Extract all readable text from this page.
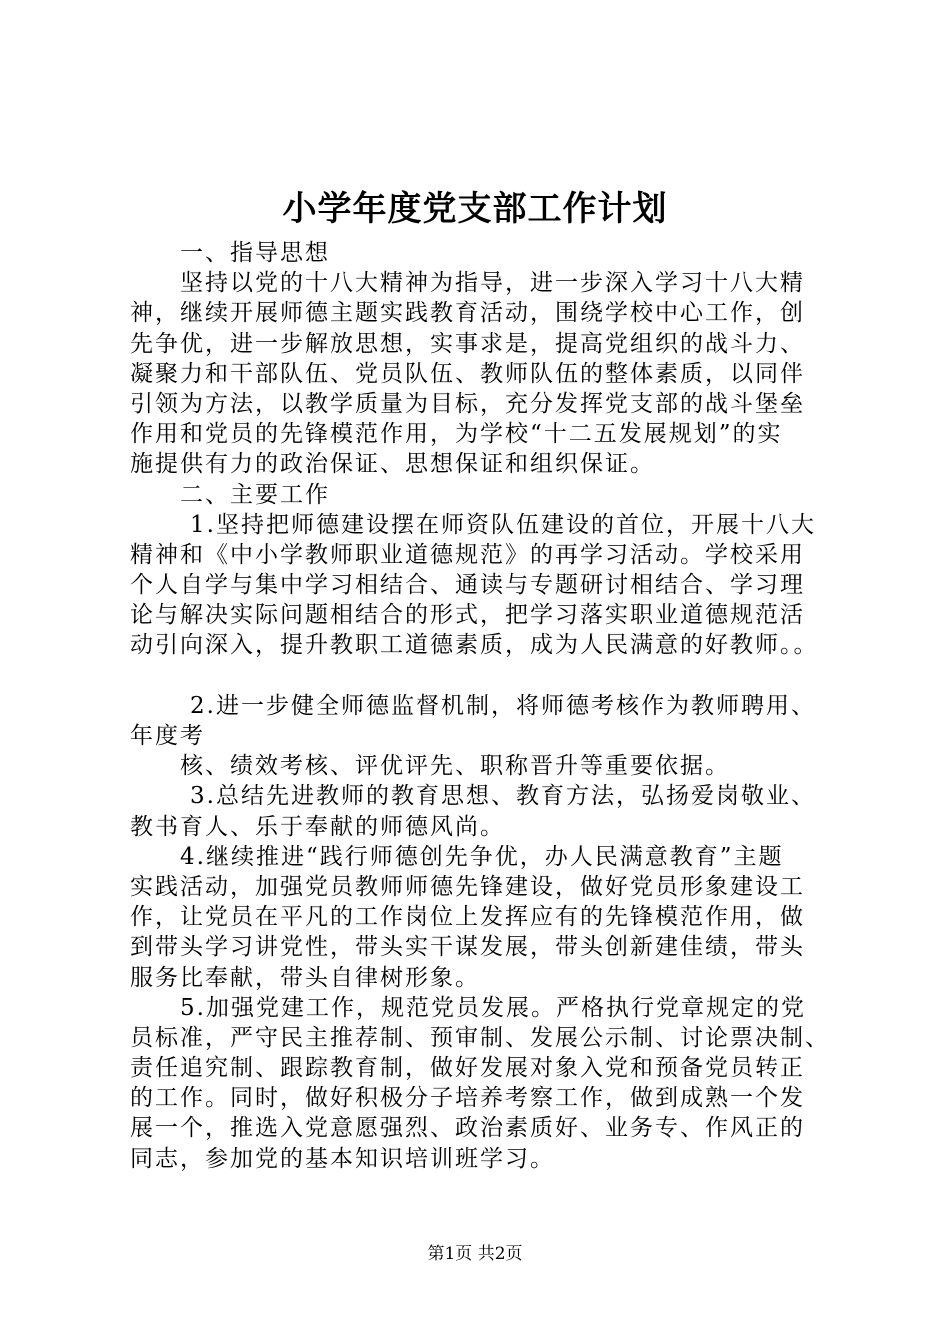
小学年度党支部工作计划
一、指导思想
坚持以党的十八大精神为指导，进一步深入学习十八大精
神，继续开展师德主题实践教育活动，围绕学校中心工作，创
先争优，进一步解放思想，实事求是，提高党组织的战斗力、
凝聚力和干部队伍、党员队伍、教师队伍的整体素质，以同伴
引领为方法，以教学质量为目标，充分发挥党支部的战斗堡垒
作用和党员的先锋模范作用，为学校“十二五发展规划”的实
施提供有力的政治保证、思想保证和组织保证。
二、主要工作
1.坚持把师德建设摆在师资队伍建设的首位，开展十八大
精神和《中小学教师职业道德规范》的再学习活动。学校采用
个人自学与集中学习相结合、通读与专题研讨相结合、学习理
论与解决实际问题相结合的形式，把学习落实职业道德规范活
动引向深入，提升教职工道德素质，成为人民满意的好教师。。
2.进一步健全师德监督机制，将师德考核作为教师聘用、
年度考
核、绩效考核、评优评先、职称晋升等重要依据。
3.总结先进教师的教育思想、教育方法，弘扬爱岗敬业、
教书育人、乐于奉献的师德风尚。
4.继续推进“践行师德创先争优，办人民满意教育”主题
实践活动，加强党员教师师德先锋建设，做好党员形象建设工
作，让党员在平凡的工作岗位上发挥应有的先锋模范作用，做
到带头学习讲党性，带头实干谋发展，带头创新建佳绩，带头
服务比奉献，带头自律树形象。
5.加强党建工作，规范党员发展。严格执行党章规定的党
员标准，严守民主推荐制、预审制、发展公示制、讨论票决制、
责任追究制、跟踪教育制，做好发展对象入党和预备党员转正
的工作。同时，做好积极分子培养考察工作，做到成熟一个发
展一个，推选入党意愿强烈、政治素质好、业务专、作风正的
同志，参加党的基本知识培训班学习。
第1页 共2页
